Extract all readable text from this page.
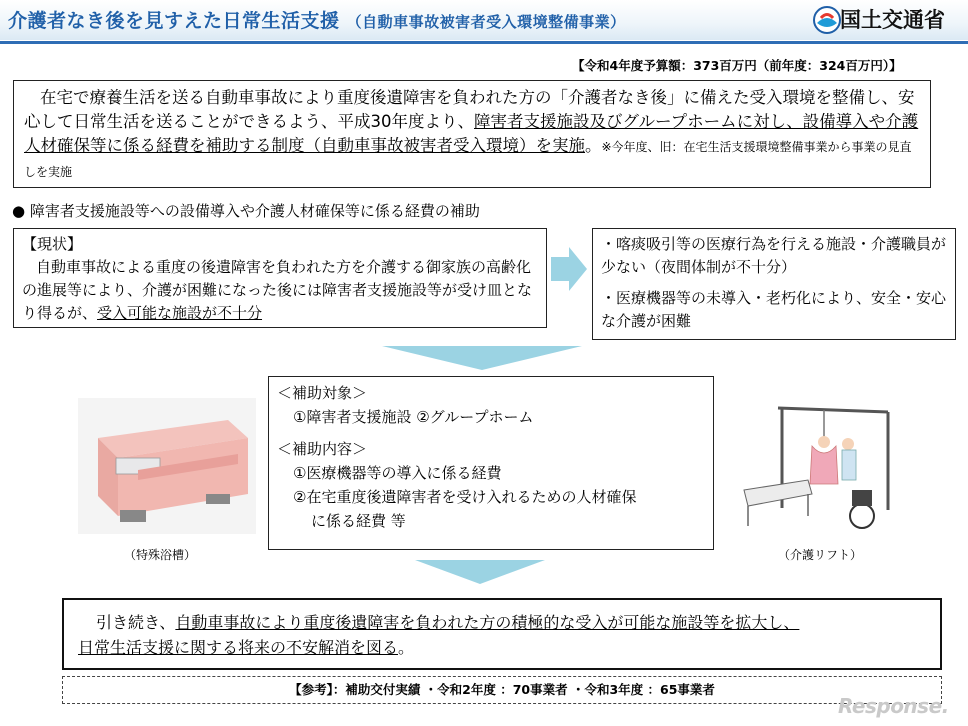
介護者なき後を見すえた日常生活支援 （自動車事故被害者受入環境整備事業）	国土交通省
【令和4年度予算額：373百万円（前年度：324百万円）】
在宅で療養生活を送る自動車事故により重度後遺障害を負われた方の「介護者なき後」に備えた受入環境を整備し、安心して日常生活を送ることができるよう、平成30年度より、障害者支援施設及びグループホームに対し、設備導入や介護人材確保等に係る経費を補助する制度（自動車事故被害者受入環境）を実施。※今年度、旧：在宅生活支援環境整備事業から事業の見直しを実施
● 障害者支援施設等への設備導入や介護人材確保等に係る経費の補助
【現状】
自動車事故による重度の後遺障害を負われた方を介護する御家族の高齢化の進展等により、介護が困難になった後には障害者支援施設等が受け皿となり得るが、受入可能な施設が不十分
・喀痰吸引等の医療行為を行える施設・介護職員が少ない（夜間体制が不十分）
・医療機器等の未導入・老朽化により、安全・安心な介護が困難
＜補助対象＞
①障害者支援施設 ②グループホーム
＜補助内容＞
①医療機器等の導入に係る経費
②在宅重度後遺障害者を受け入れるための人材確保
に係る経費 等
（特殊浴槽）	（介護リフト）
引き続き、自動車事故により重度後遺障害を負われた方の積極的な受入が可能な施設等を拡大し、
日常生活支援に関する将来の不安解消を図る。
【参考】：補助交付実績 ・令和2年度 ：70事業者 ・令和3年度 ：65事業者
Response.
